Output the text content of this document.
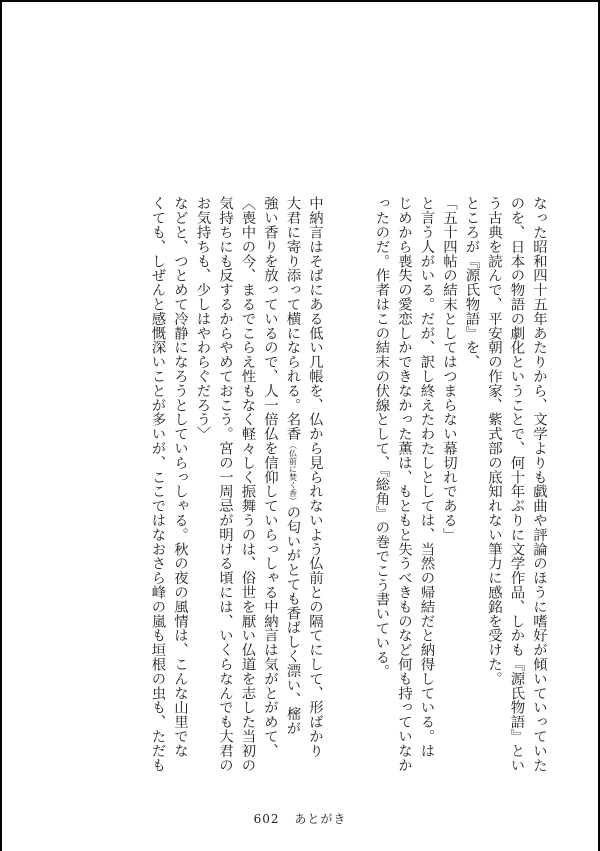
なった昭和四十五年あたりから、文学よりも戯曲や評論のほうに嗜好が傾いていっていた

のを、日本の物語の劇化ということで、何十年ぶりに文学作品、しかも『源氏物語』とい

う古典を読んで、平安朝の作家、紫式部の底知れない筆力に感銘を受けた。

ところが『源氏物語』を、

「五十四帖の結末としてはつまらない幕切れである」

と言う人がいる。だが、訳し終えたわたしとしては、当然の帰結だと納得している。は

じめから喪失の愛恋しかできなかった薫は、もともと失うべきものなど何も持っていなか

ったのだ。作者はこの結末の伏線として、『総角』の巻でこう書いている。

中納言はそばにある低い几帳を、仏から見られないよう仏前との隔てにして、形ばかり

大君に寄り添って横になられる。名香（仏前に焚く香）の匂いがとても香ばしく漂い、樒が

強い香りを放っているので、人一倍仏を信仰していらっしゃる中納言は気がとがめて、

〈喪中の今、まるでこらえ性もなく軽々しく振舞うのは、俗世を厭い仏道を志した当初の

気持ちにも反するからやめておこう。宮の一周忌が明ける頃には、いくらなんでも大君の

お気持ちも、少しはやわらぐだろう〉

などと、つとめて冷静になろうとしていらっしゃる。秋の夜の風情は、こんな山里でな

くても、しぜんと感慨深いことが多いが、ここではなおさら峰の嵐も垣根の虫も、ただも

602 あとがき
